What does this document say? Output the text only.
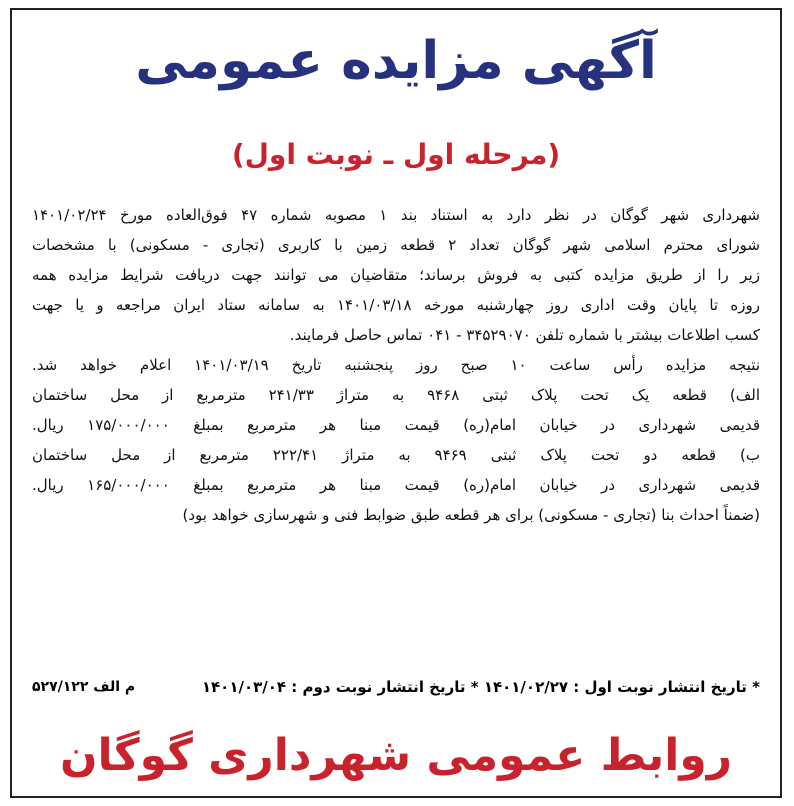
آگهی مزایده عمومی
(مرحله اول ـ نوبت اول)
شهرداری شهر گوگان در نظر دارد به استناد بند ۱ مصوبه شماره ۴۷ فوق‌العاده مورخ ۱۴۰۱/۰۲/۲۴
شورای محترم اسلامی شهر گوگان تعداد ۲ قطعه زمین با کاربری (تجاری - مسکونی) با مشخصات
زیر را از طریق مزایده کتبی به فروش برساند؛ متقاضیان می توانند جهت دریافت شرایط مزایده همه
روزه تا پایان وقت اداری روز چهارشنبه مورخه ۱۴۰۱/۰۳/۱۸ به سامانه ستاد ایران مراجعه و یا جهت
کسب اطلاعات بیشتر با شماره تلفن ۳۴۵۲۹۰۷۰ - ۰۴۱ تماس حاصل فرمایند.
نتیجه مزایده رأس ساعت ۱۰ صبح روز پنجشنبه تاریخ ۱۴۰۱/۰۳/۱۹ اعلام خواهد شد.
الف) قطعه یک تحت پلاک ثبتی ۹۴۶۸ به متراژ ۲۴۱/۳۳ مترمربع از محل ساختمان
قدیمی شهرداری در خیابان امام(ره) قیمت مبنا هر مترمربع بمبلغ ۱۷۵/۰۰۰/۰۰۰ ریال.
ب) قطعه دو تحت پلاک ثبتی ۹۴۶۹ به متراژ ۲۲۲/۴۱ مترمربع از محل ساختمان
قدیمی شهرداری در خیابان امام(ره) قیمت مبنا هر مترمربع بمبلغ ۱۶۵/۰۰۰/۰۰۰ ریال.
(ضمناً احداث بنا (تجاری - مسکونی) برای هر قطعه طبق ضوابط فنی و شهرسازی خواهد بود)
* تاریخ انتشار نوبت اول : ۱۴۰۱/۰۲/۲۷ * تاریخ انتشار نوبت دوم : ۱۴۰۱/۰۳/۰۴
م الف ۵۲۷/۱۲۲
روابط عمومی شهرداری گوگان
